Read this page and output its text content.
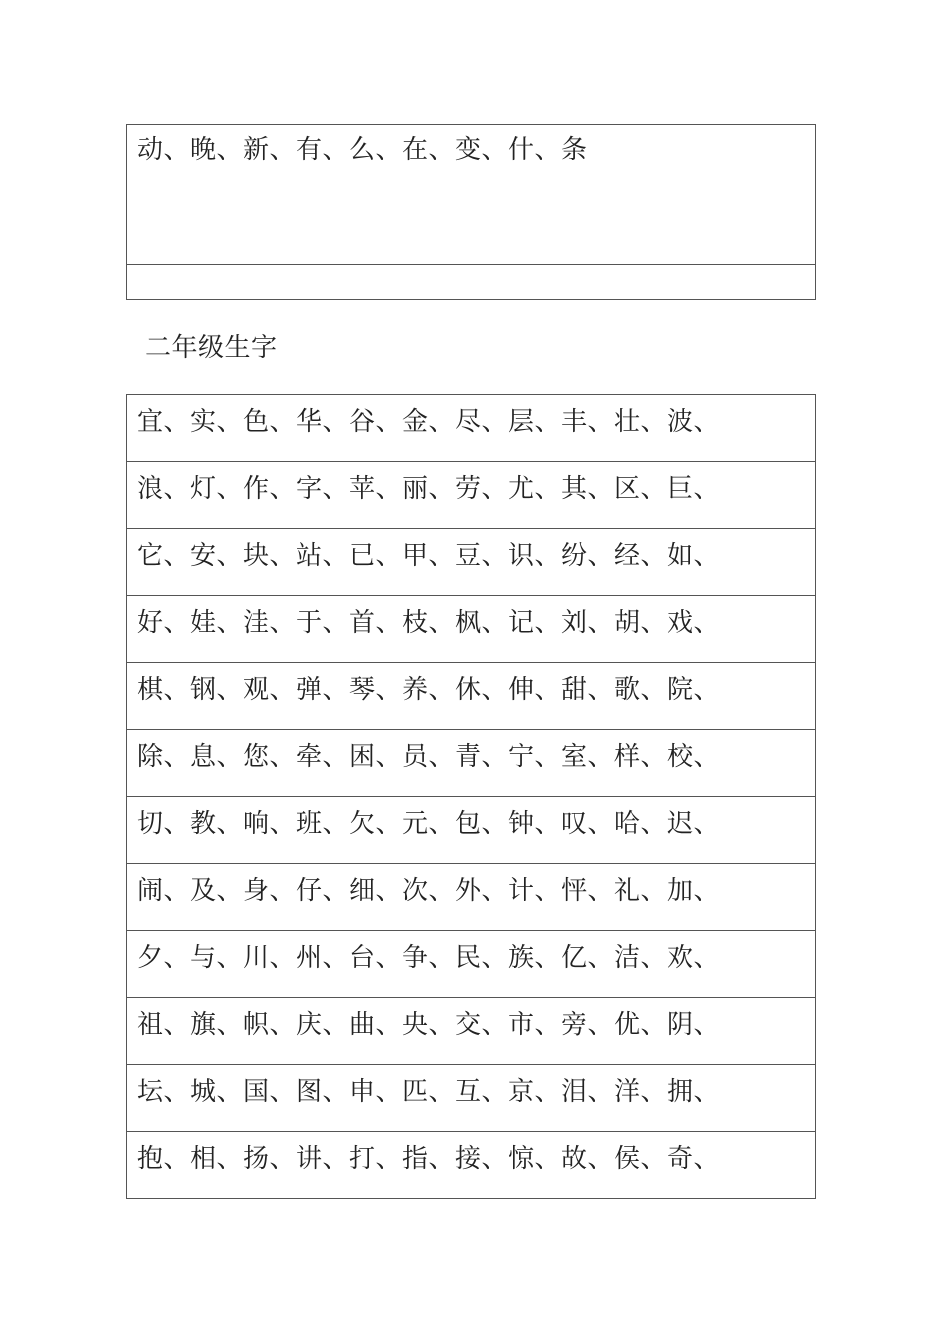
动、晚、新、有、么、在、变、什、条
二年级生字
宜、实、色、华、谷、金、尽、层、丰、壮、波、
浪、灯、作、字、苹、丽、劳、尤、其、区、巨、
它、安、块、站、已、甲、豆、识、纷、经、如、
好、娃、洼、于、首、枝、枫、记、刘、胡、戏、
棋、钢、观、弹、琴、养、休、伸、甜、歌、院、
除、息、您、牵、困、员、青、宁、室、样、校、
切、教、响、班、欠、元、包、钟、叹、哈、迟、
闹、及、身、仔、细、次、外、计、怦、礼、加、
夕、与、川、州、台、争、民、族、亿、洁、欢、
祖、旗、帜、庆、曲、央、交、市、旁、优、阴、
坛、城、国、图、申、匹、互、京、泪、洋、拥、
抱、相、扬、讲、打、指、接、惊、故、侯、奇、
